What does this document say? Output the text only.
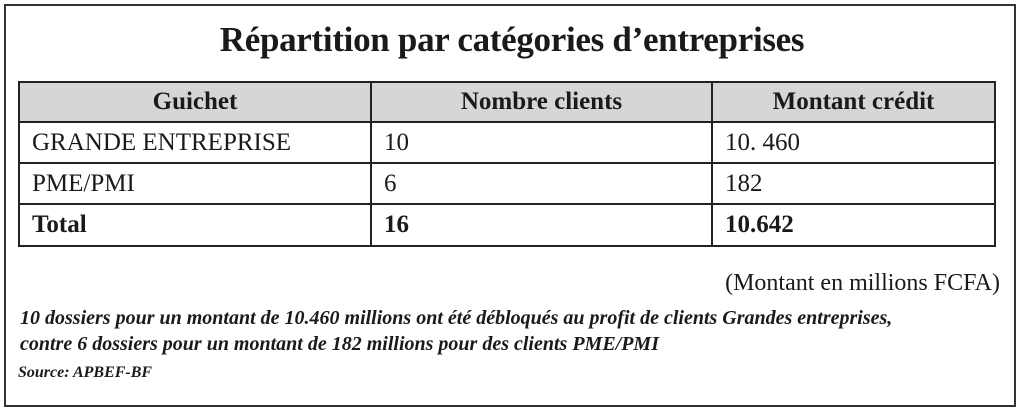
Répartition par catégories d’entreprises
Guichet	Nombre clients	Montant crédit
GRANDE ENTREPRISE	10	10. 460
PME/PMI	6	182
Total	16	10.642
(Montant en millions FCFA)
10 dossiers pour un montant de 10.460 millions ont été débloqués au profit de clients Grandes entreprises,
contre 6 dossiers pour un montant de 182 millions pour des clients PME/PMI
Source: APBEF-BF
